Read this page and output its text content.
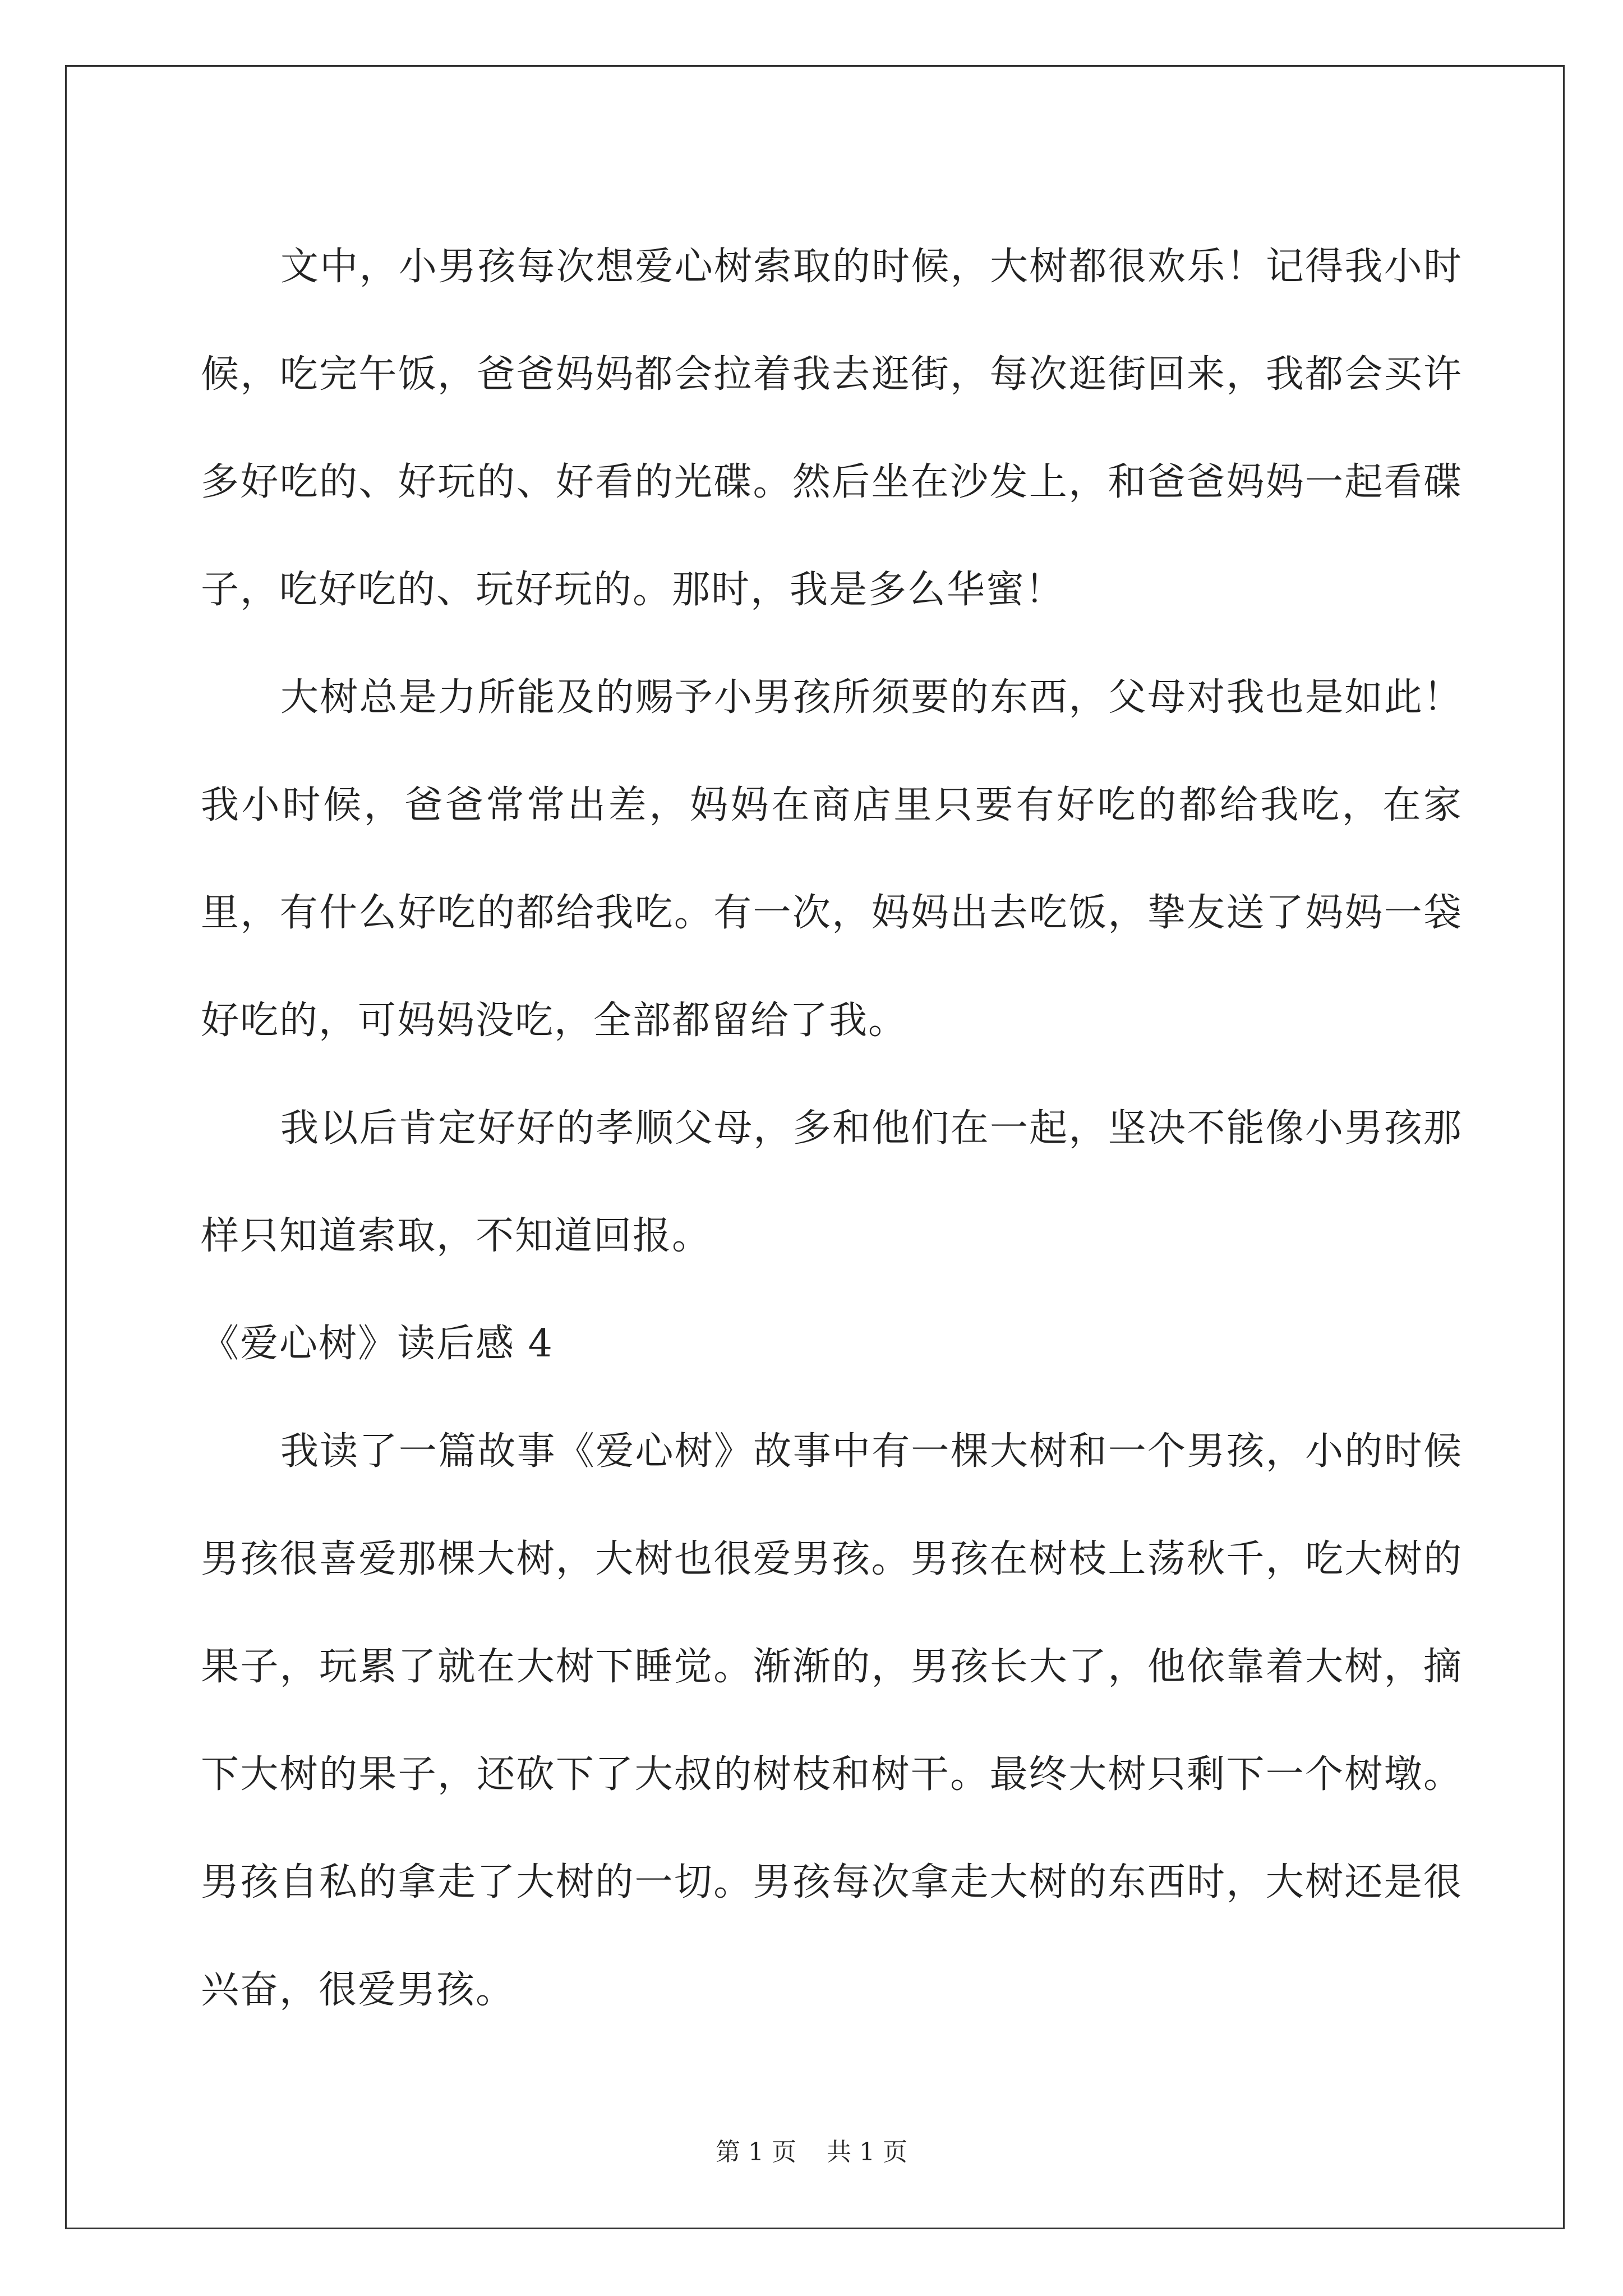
文中，小男孩每次想爱心树索取的时候，大树都很欢乐！记得我小时候，吃完午饭，爸爸妈妈都会拉着我去逛街，每次逛街回来，我都会买许多好吃的、好玩的、好看的光碟。然后坐在沙发上，和爸爸妈妈一起看碟子，吃好吃的、玩好玩的。那时，我是多么华蜜！

大树总是力所能及的赐予小男孩所须要的东西，父母对我也是如此！我小时候，爸爸常常出差，妈妈在商店里只要有好吃的都给我吃，在家里，有什么好吃的都给我吃。有一次，妈妈出去吃饭，挚友送了妈妈一袋好吃的，可妈妈没吃，全部都留给了我。

我以后肯定好好的孝顺父母，多和他们在一起，坚决不能像小男孩那样只知道索取，不知道回报。

《爱心树》读后感 4

我读了一篇故事《爱心树》故事中有一棵大树和一个男孩，小的时候男孩很喜爱那棵大树，大树也很爱男孩。男孩在树枝上荡秋千，吃大树的果子，玩累了就在大树下睡觉。渐渐的，男孩长大了，他依靠着大树，摘下大树的果子，还砍下了大叔的树枝和树干。最终大树只剩下一个树墩。男孩自私的拿走了大树的一切。男孩每次拿走大树的东西时，大树还是很兴奋，很爱男孩。

第 1 页 共 1 页
